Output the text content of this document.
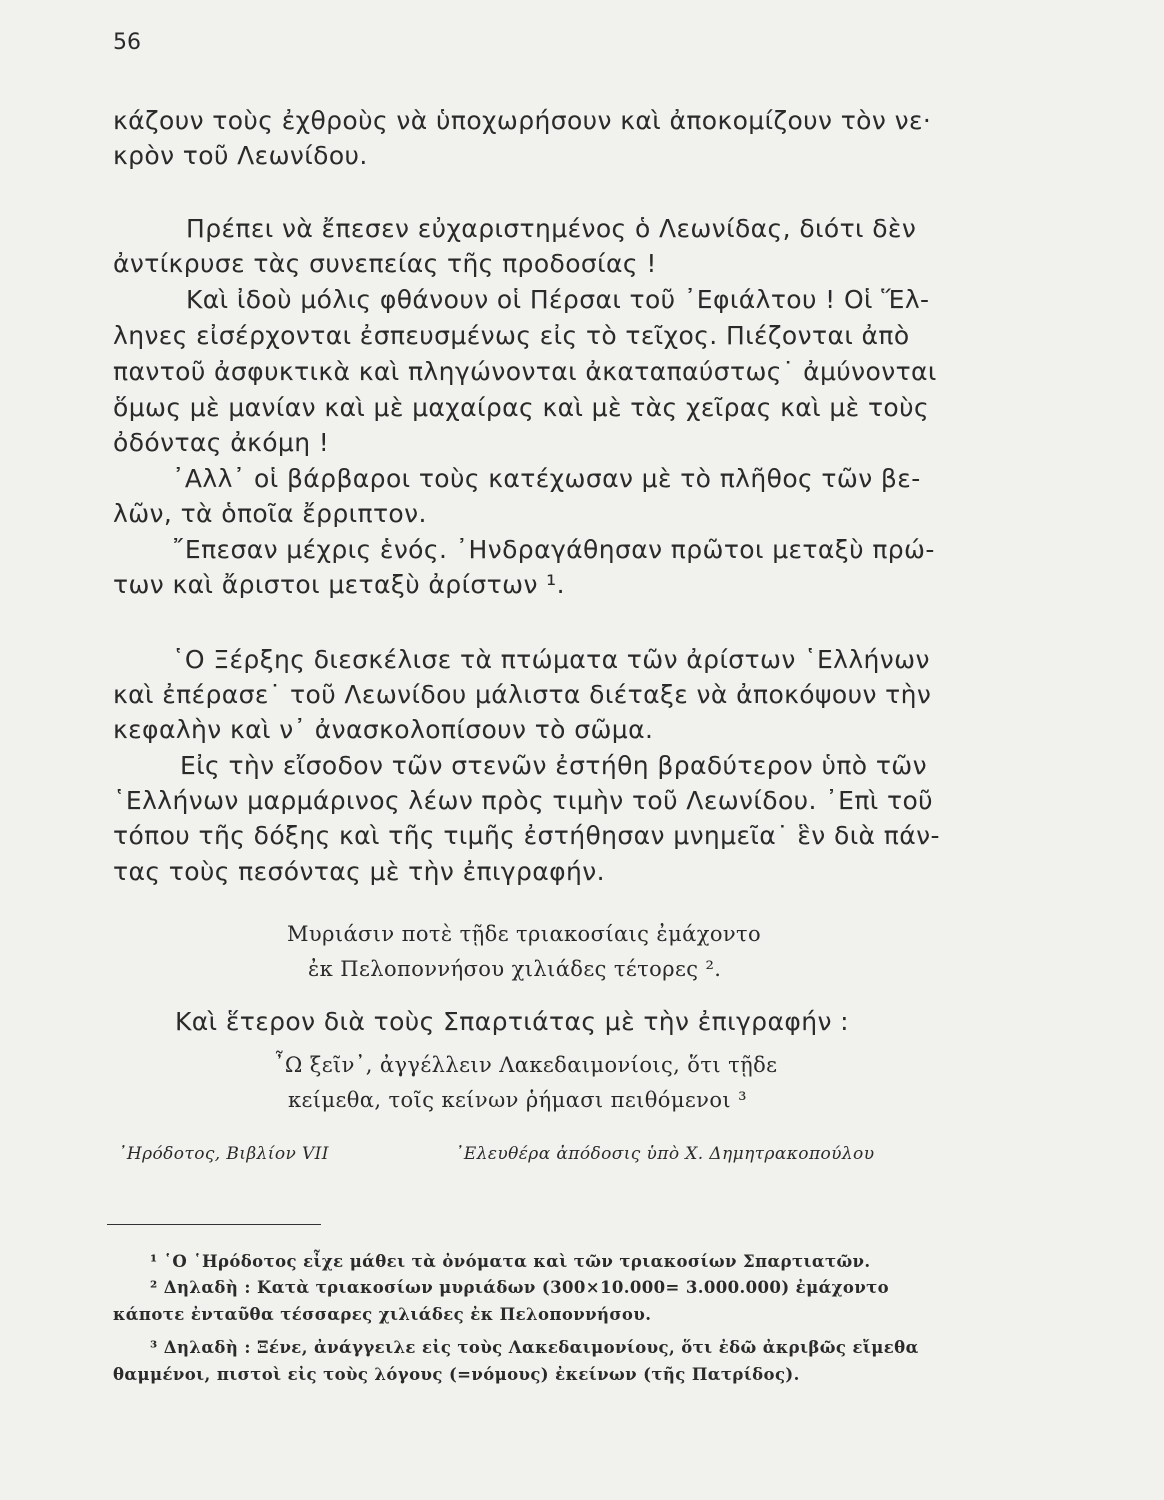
56
κάζουν τοὺς ἐχθροὺς νὰ ὑποχωρήσουν καὶ ἀποκομίζουν τὸν νε·
κρὸν τοῦ Λεωνίδου.
Πρέπει νὰ ἔπεσεν εὐχαριστημένος ὁ Λεωνίδας, διότι δὲν
ἀντίκρυσε τὰς συνεπείας τῆς προδοσίας !
Καὶ ἰδοὺ μόλις φθάνουν οἱ Πέρσαι τοῦ ᾿Εφιάλτου ! Οἱ Ἕλ-
ληνες εἰσέρχονται ἐσπευσμένως εἰς τὸ τεῖχος. Πιέζονται ἀπὸ
παντοῦ ἀσφυκτικὰ καὶ πληγώνονται ἀκαταπαύστως˙ ἀμύνονται
ὅμως μὲ μανίαν καὶ μὲ μαχαίρας καὶ μὲ τὰς χεῖρας καὶ μὲ τοὺς
ὀδόντας ἀκόμη !
᾿Αλλ᾿ οἱ βάρβαροι τοὺς κατέχωσαν μὲ τὸ πλῆθος τῶν βε-
λῶν, τὰ ὁποῖα ἔρριπτον.
῎Επεσαν μέχρις ἑνός. ᾿Ηνδραγάθησαν πρῶτοι μεταξὺ πρώ-
των καὶ ἄριστοι μεταξὺ ἀρίστων ¹.
῾Ο Ξέρξης διεσκέλισε τὰ πτώματα τῶν ἀρίστων ῾Ελλήνων
καὶ ἐπέρασε˙ τοῦ Λεωνίδου μάλιστα διέταξε νὰ ἀποκόψουν τὴν
κεφαλὴν καὶ ν᾿ ἀνασκολοπίσουν τὸ σῶμα.
Εἰς τὴν εἴσοδον τῶν στενῶν ἐστήθη βραδύτερον ὑπὸ τῶν
῾Ελλήνων μαρμάρινος λέων πρὸς τιμὴν τοῦ Λεωνίδου. ᾿Επὶ τοῦ
τόπου τῆς δόξης καὶ τῆς τιμῆς ἐστήθησαν μνημεῖα˙ ἓν διὰ πάν-
τας τοὺς πεσόντας μὲ τὴν ἐπιγραφήν.
Μυριάσιν ποτὲ τῇδε τριακοσίαις ἐμάχοντο
ἐκ Πελοποννήσου χιλιάδες τέτορες ².
Καὶ ἕτερον διὰ τοὺς Σπαρτιάτας μὲ τὴν ἐπιγραφήν :
῏Ω ξεῖν᾿, ἀγγέλλειν Λακεδαιμονίοις, ὅτι τῇδε
κείμεθα, τοῖς κείνων ῥήμασι πειθόμενοι ³
᾿Ηρόδοτος, Βιβλίον VII	᾿Ελευθέρα ἀπόδοσις ὑπὸ Χ. Δημητρακοπούλου
¹ ῾Ο ῾Ηρόδοτος εἶχε μάθει τὰ ὀνόματα καὶ τῶν τριακοσίων Σπαρτιατῶν.
² Δηλαδὴ : Κατὰ τριακοσίων μυριάδων (300×10.000= 3.000.000) ἐμάχοντο
κάποτε ἐνταῦθα τέσσαρες χιλιάδες ἐκ Πελοποννήσου.
³ Δηλαδὴ : Ξένε, ἀνάγγειλε εἰς τοὺς Λακεδαιμονίους, ὅτι ἐδῶ ἀκριβῶς εἴμεθα
θαμμένοι, πιστοὶ εἰς τοὺς λόγους (=νόμους) ἐκείνων (τῆς Πατρίδος).
